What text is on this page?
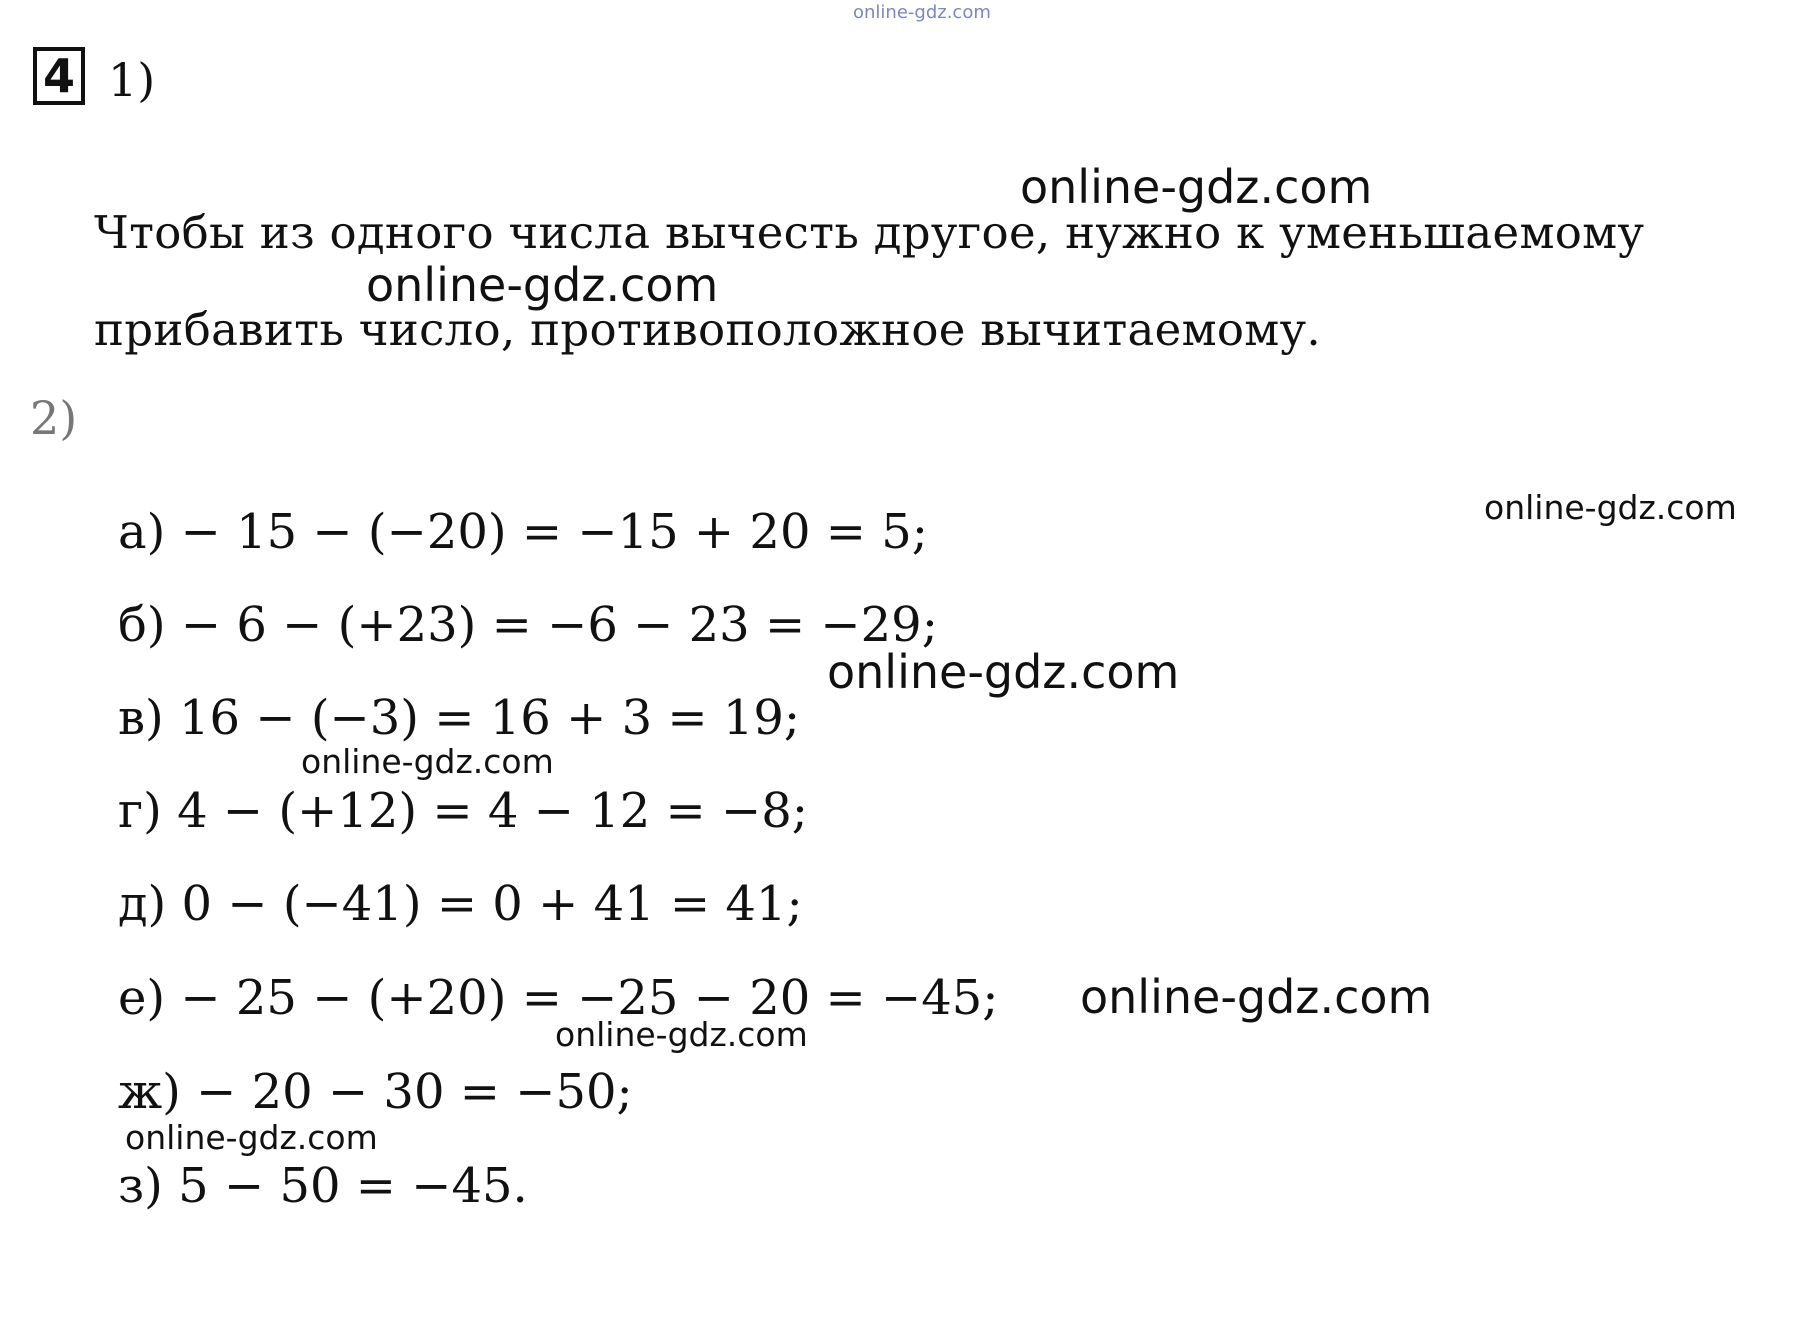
online-gdz.com
4 1)
Чтобы из одного числа вычесть другое, нужно к уменьшаемому
прибавить число, противоположное вычитаемому.
2)
а) − 15 − (−20) = −15 + 20 = 5;
б) − 6 − (+23) = −6 − 23 = −29;
в) 16 − (−3) = 16 + 3 = 19;
г) 4 − (+12) = 4 − 12 = −8;
д) 0 − (−41) = 0 + 41 = 41;
е) − 25 − (+20) = −25 − 20 = −45;
ж) − 20 − 30 = −50;
з) 5 − 50 = −45.
online-gdz.com
online-gdz.com
online-gdz.com
online-gdz.com
online-gdz.com
online-gdz.com
online-gdz.com
online-gdz.com
